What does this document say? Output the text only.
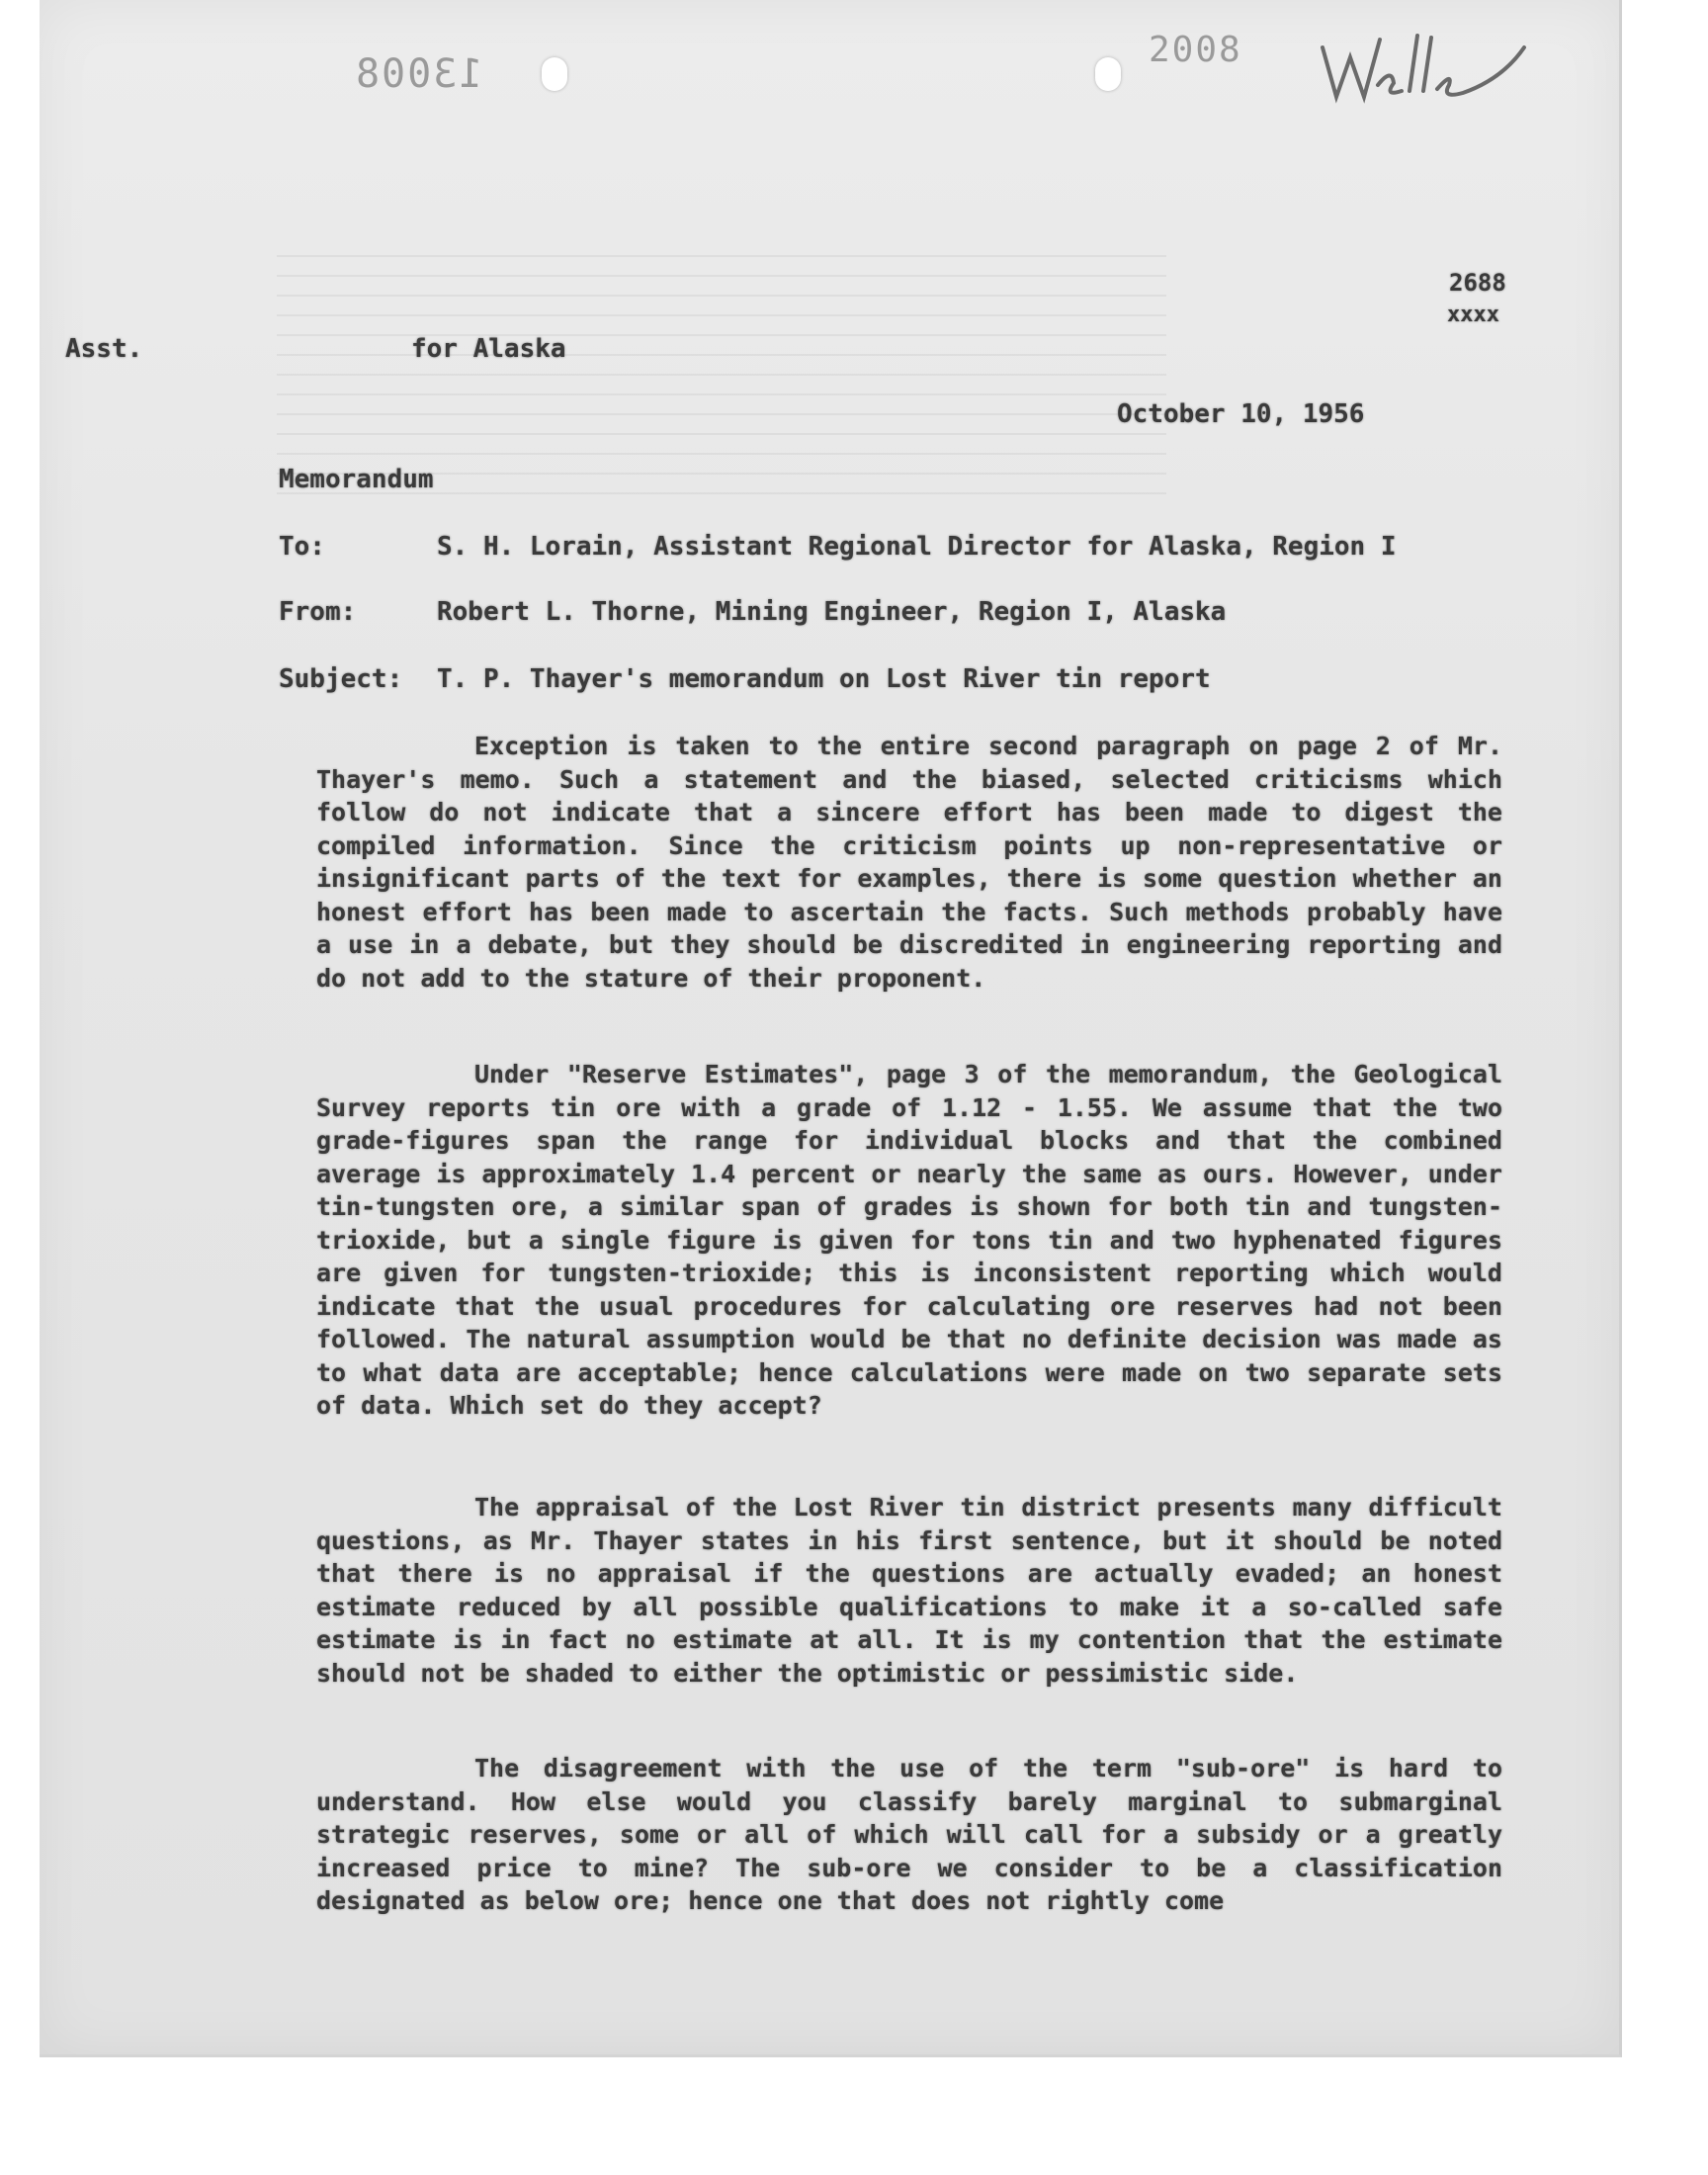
13008
2008
2688
xxxx
Asst.	for Alaska
October 10, 1956
Memorandum
To:	S. H. Lorain, Assistant Regional Director for Alaska, Region I
From:	Robert L. Thorne, Mining Engineer, Region I, Alaska
Subject: T. P. Thayer's memorandum on Lost River tin report
Exception is taken to the entire second paragraph on page 2 of Mr. Thayer's memo. Such a statement and the biased, selected criticisms which follow do not indicate that a sincere effort has been made to digest the compiled information. Since the criticism points up non-representative or insignificant parts of the text for examples, there is some question whether an honest effort has been made to ascertain the facts. Such methods probably have a use in a debate, but they should be discredited in engineering reporting and do not add to the stature of their proponent.
Under "Reserve Estimates", page 3 of the memorandum, the Geological Survey reports tin ore with a grade of 1.12 - 1.55. We assume that the two grade-figures span the range for individual blocks and that the combined average is approximately 1.4 percent or nearly the same as ours. However, under tin-tungsten ore, a similar span of grades is shown for both tin and tungsten-trioxide, but a single figure is given for tons tin and two hyphenated figures are given for tungsten-trioxide; this is inconsistent reporting which would indicate that the usual procedures for calculating ore reserves had not been followed. The natural assumption would be that no definite decision was made as to what data are acceptable; hence calculations were made on two separate sets of data. Which set do they accept?
The appraisal of the Lost River tin district presents many difficult questions, as Mr. Thayer states in his first sentence, but it should be noted that there is no appraisal if the questions are actually evaded; an honest estimate reduced by all possible qualifications to make it a so-called safe estimate is in fact no estimate at all. It is my contention that the estimate should not be shaded to either the optimistic or pessimistic side.
The disagreement with the use of the term "sub-ore" is hard to understand. How else would you classify barely marginal to submarginal strategic reserves, some or all of which will call for a subsidy or a greatly increased price to mine? The sub-ore we consider to be a classification designated as below ore; hence one that does not rightly come
